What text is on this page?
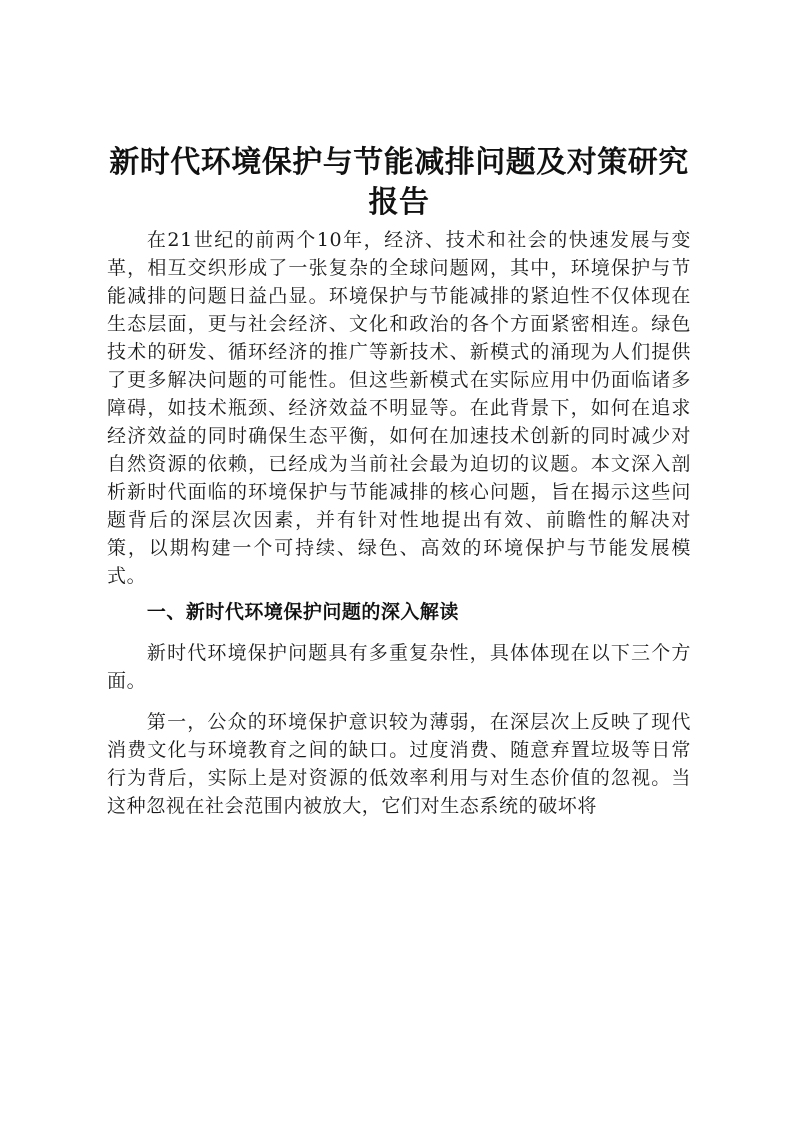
新时代环境保护与节能减排问题及对策研究报告

在21世纪的前两个10年，经济、技术和社会的快速发展与变革，相互交织形成了一张复杂的全球问题网，其中，环境保护与节能减排的问题日益凸显。环境保护与节能减排的紧迫性不仅体现在生态层面，更与社会经济、文化和政治的各个方面紧密相连。绿色技术的研发、循环经济的推广等新技术、新模式的涌现为人们提供了更多解决问题的可能性。但这些新模式在实际应用中仍面临诸多障碍，如技术瓶颈、经济效益不明显等。在此背景下，如何在追求经济效益的同时确保生态平衡，如何在加速技术创新的同时减少对自然资源的依赖，已经成为当前社会最为迫切的议题。本文深入剖析新时代面临的环境保护与节能减排的核心问题，旨在揭示这些问题背后的深层次因素，并有针对性地提出有效、前瞻性的解决对策，以期构建一个可持续、绿色、高效的环境保护与节能发展模式。

一、新时代环境保护问题的深入解读

新时代环境保护问题具有多重复杂性，具体体现在以下三个方面。

第一，公众的环境保护意识较为薄弱，在深层次上反映了现代消费文化与环境教育之间的缺口。过度消费、随意弃置垃圾等日常行为背后，实际上是对资源的低效率利用与对生态价值的忽视。当这种忽视在社会范围内被放大，它们对生态系统的破坏将
